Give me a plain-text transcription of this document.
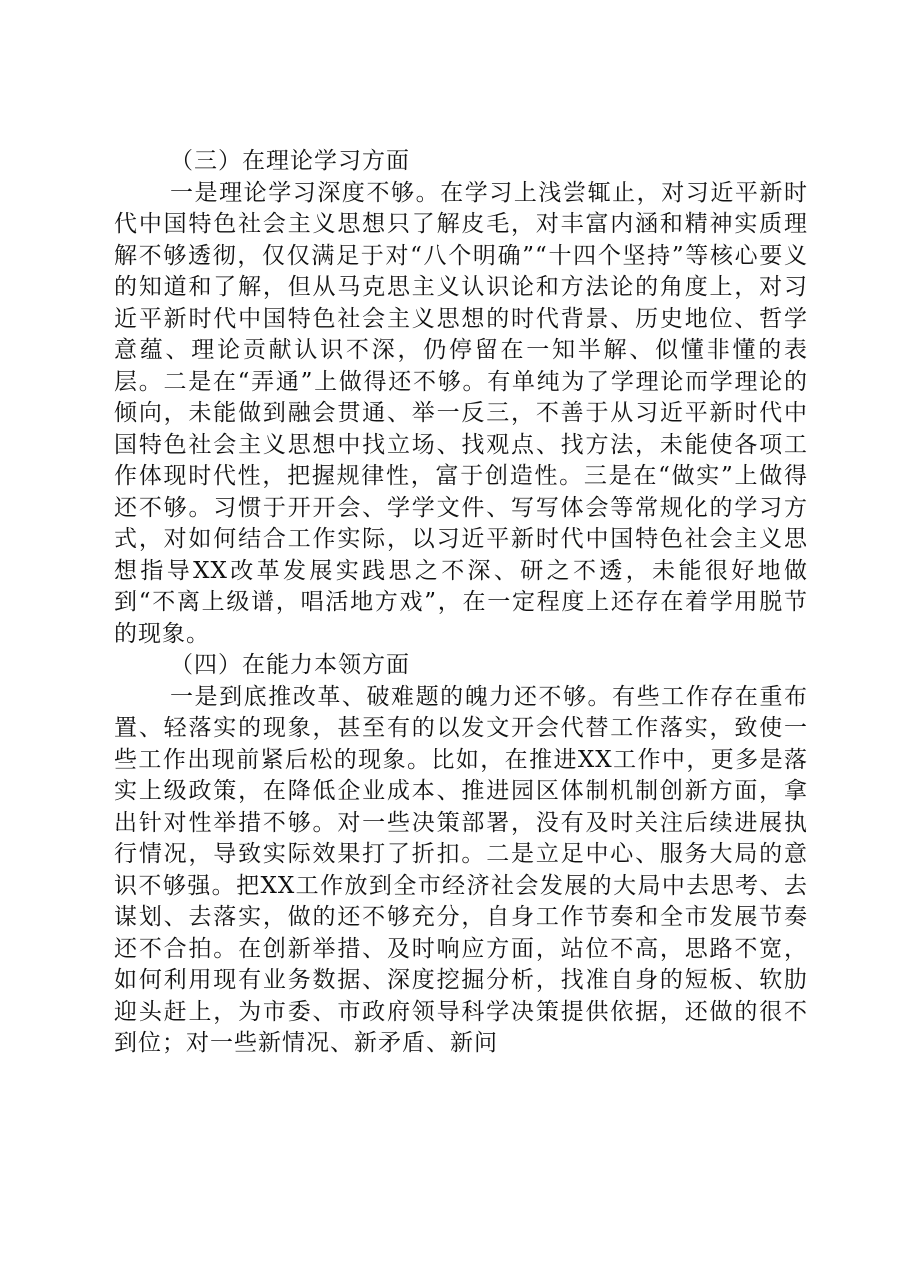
（三）在理论学习方面

一是理论学习深度不够。在学习上浅尝辄止，对习近平新时代中国特色社会主义思想只了解皮毛，对丰富内涵和精神实质理解不够透彻，仅仅满足于对“八个明确”“十四个坚持”等核心要义的知道和了解，但从马克思主义认识论和方法论的角度上，对习近平新时代中国特色社会主义思想的时代背景、历史地位、哲学意蕴、理论贡献认识不深，仍停留在一知半解、似懂非懂的表层。二是在“弄通”上做得还不够。有单纯为了学理论而学理论的倾向，未能做到融会贯通、举一反三，不善于从习近平新时代中国特色社会主义思想中找立场、找观点、找方法，未能使各项工作体现时代性，把握规律性，富于创造性。三是在“做实”上做得还不够。习惯于开开会、学学文件、写写体会等常规化的学习方式，对如何结合工作实际，以习近平新时代中国特色社会主义思想指导XX改革发展实践思之不深、研之不透，未能很好地做到“不离上级谱，唱活地方戏”，在一定程度上还存在着学用脱节的现象。

（四）在能力本领方面

一是到底推改革、破难题的魄力还不够。有些工作存在重布置、轻落实的现象，甚至有的以发文开会代替工作落实，致使一些工作出现前紧后松的现象。比如，在推进XX工作中，更多是落实上级政策，在降低企业成本、推进园区体制机制创新方面，拿出针对性举措不够。对一些决策部署，没有及时关注后续进展执行情况，导致实际效果打了折扣。二是立足中心、服务大局的意识不够强。把XX工作放到全市经济社会发展的大局中去思考、去谋划、去落实，做的还不够充分，自身工作节奏和全市发展节奏还不合拍。在创新举措、及时响应方面，站位不高，思路不宽，如何利用现有业务数据、深度挖掘分析，找准自身的短板、软肋迎头赶上，为市委、市政府领导科学决策提供依据，还做的很不到位；对一些新情况、新矛盾、新问
